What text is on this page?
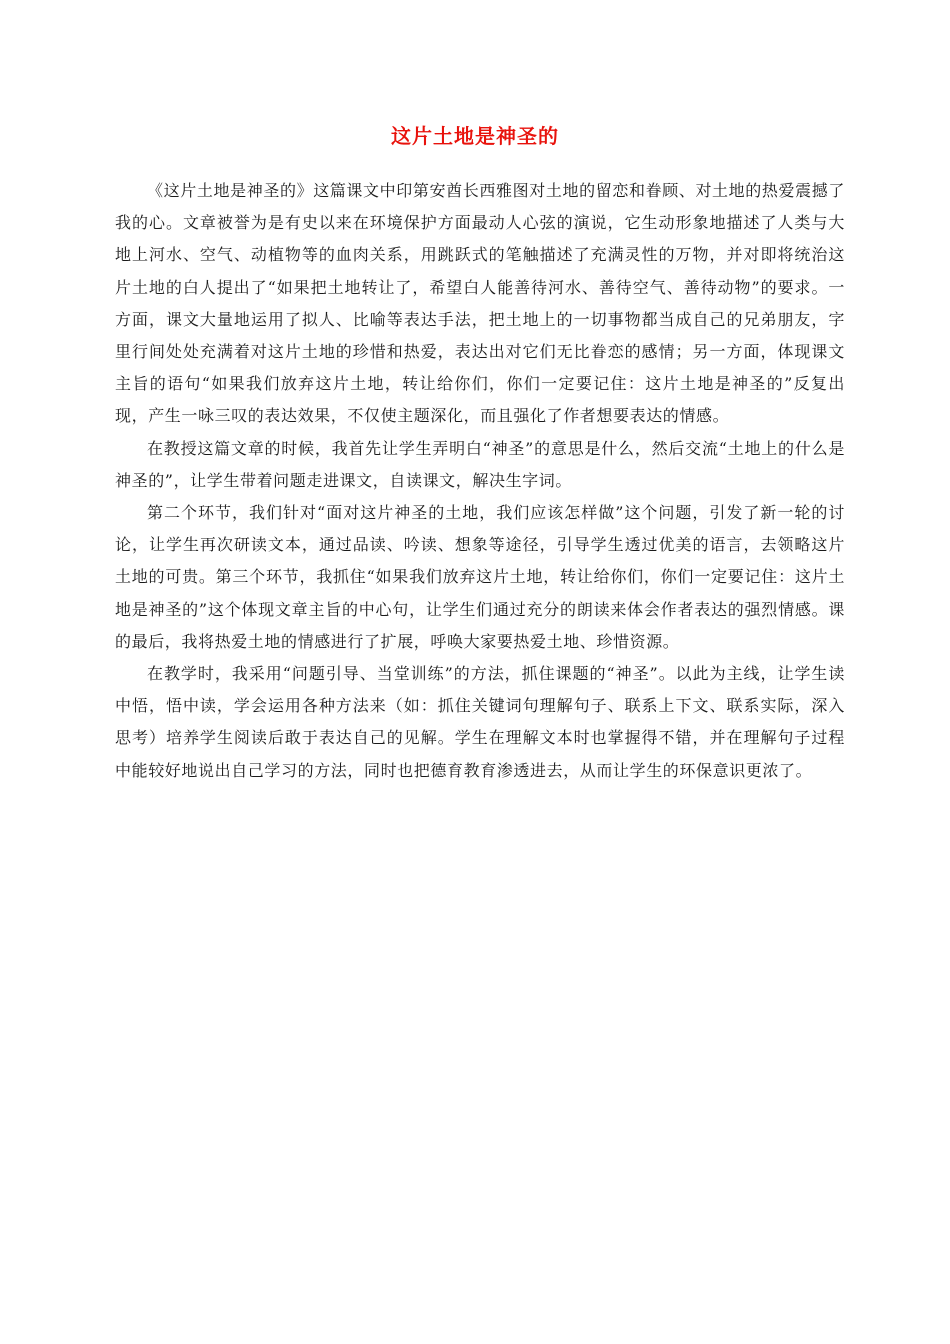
这片土地是神圣的

《这片土地是神圣的》这篇课文中印第安酋长西雅图对土地的留恋和眷顾、对土地的热爱震撼了我的心。文章被誉为是有史以来在环境保护方面最动人心弦的演说，它生动形象地描述了人类与大地上河水、空气、动植物等的血肉关系，用跳跃式的笔触描述了充满灵性的万物，并对即将统治这片土地的白人提出了“如果把土地转让了，希望白人能善待河水、善待空气、善待动物”的要求。一方面，课文大量地运用了拟人、比喻等表达手法，把土地上的一切事物都当成自己的兄弟朋友，字里行间处处充满着对这片土地的珍惜和热爱，表达出对它们无比眷恋的感情；另一方面，体现课文主旨的语句“如果我们放弃这片土地，转让给你们，你们一定要记住：这片土地是神圣的”反复出现，产生一咏三叹的表达效果，不仅使主题深化，而且强化了作者想要表达的情感。

在教授这篇文章的时候，我首先让学生弄明白“神圣”的意思是什么，然后交流“土地上的什么是神圣的”，让学生带着问题走进课文，自读课文，解决生字词。

第二个环节，我们针对“面对这片神圣的土地，我们应该怎样做”这个问题，引发了新一轮的讨论，让学生再次研读文本，通过品读、吟读、想象等途径，引导学生透过优美的语言，去领略这片土地的可贵。第三个环节，我抓住“如果我们放弃这片土地，转让给你们，你们一定要记住：这片土地是神圣的”这个体现文章主旨的中心句，让学生们通过充分的朗读来体会作者表达的强烈情感。课的最后，我将热爱土地的情感进行了扩展，呼唤大家要热爱土地、珍惜资源。

在教学时，我采用“问题引导、当堂训练”的方法，抓住课题的“神圣”。以此为主线，让学生读中悟，悟中读，学会运用各种方法来（如：抓住关键词句理解句子、联系上下文、联系实际，深入思考）培养学生阅读后敢于表达自己的见解。学生在理解文本时也掌握得不错，并在理解句子过程中能较好地说出自己学习的方法，同时也把德育教育渗透进去，从而让学生的环保意识更浓了。
